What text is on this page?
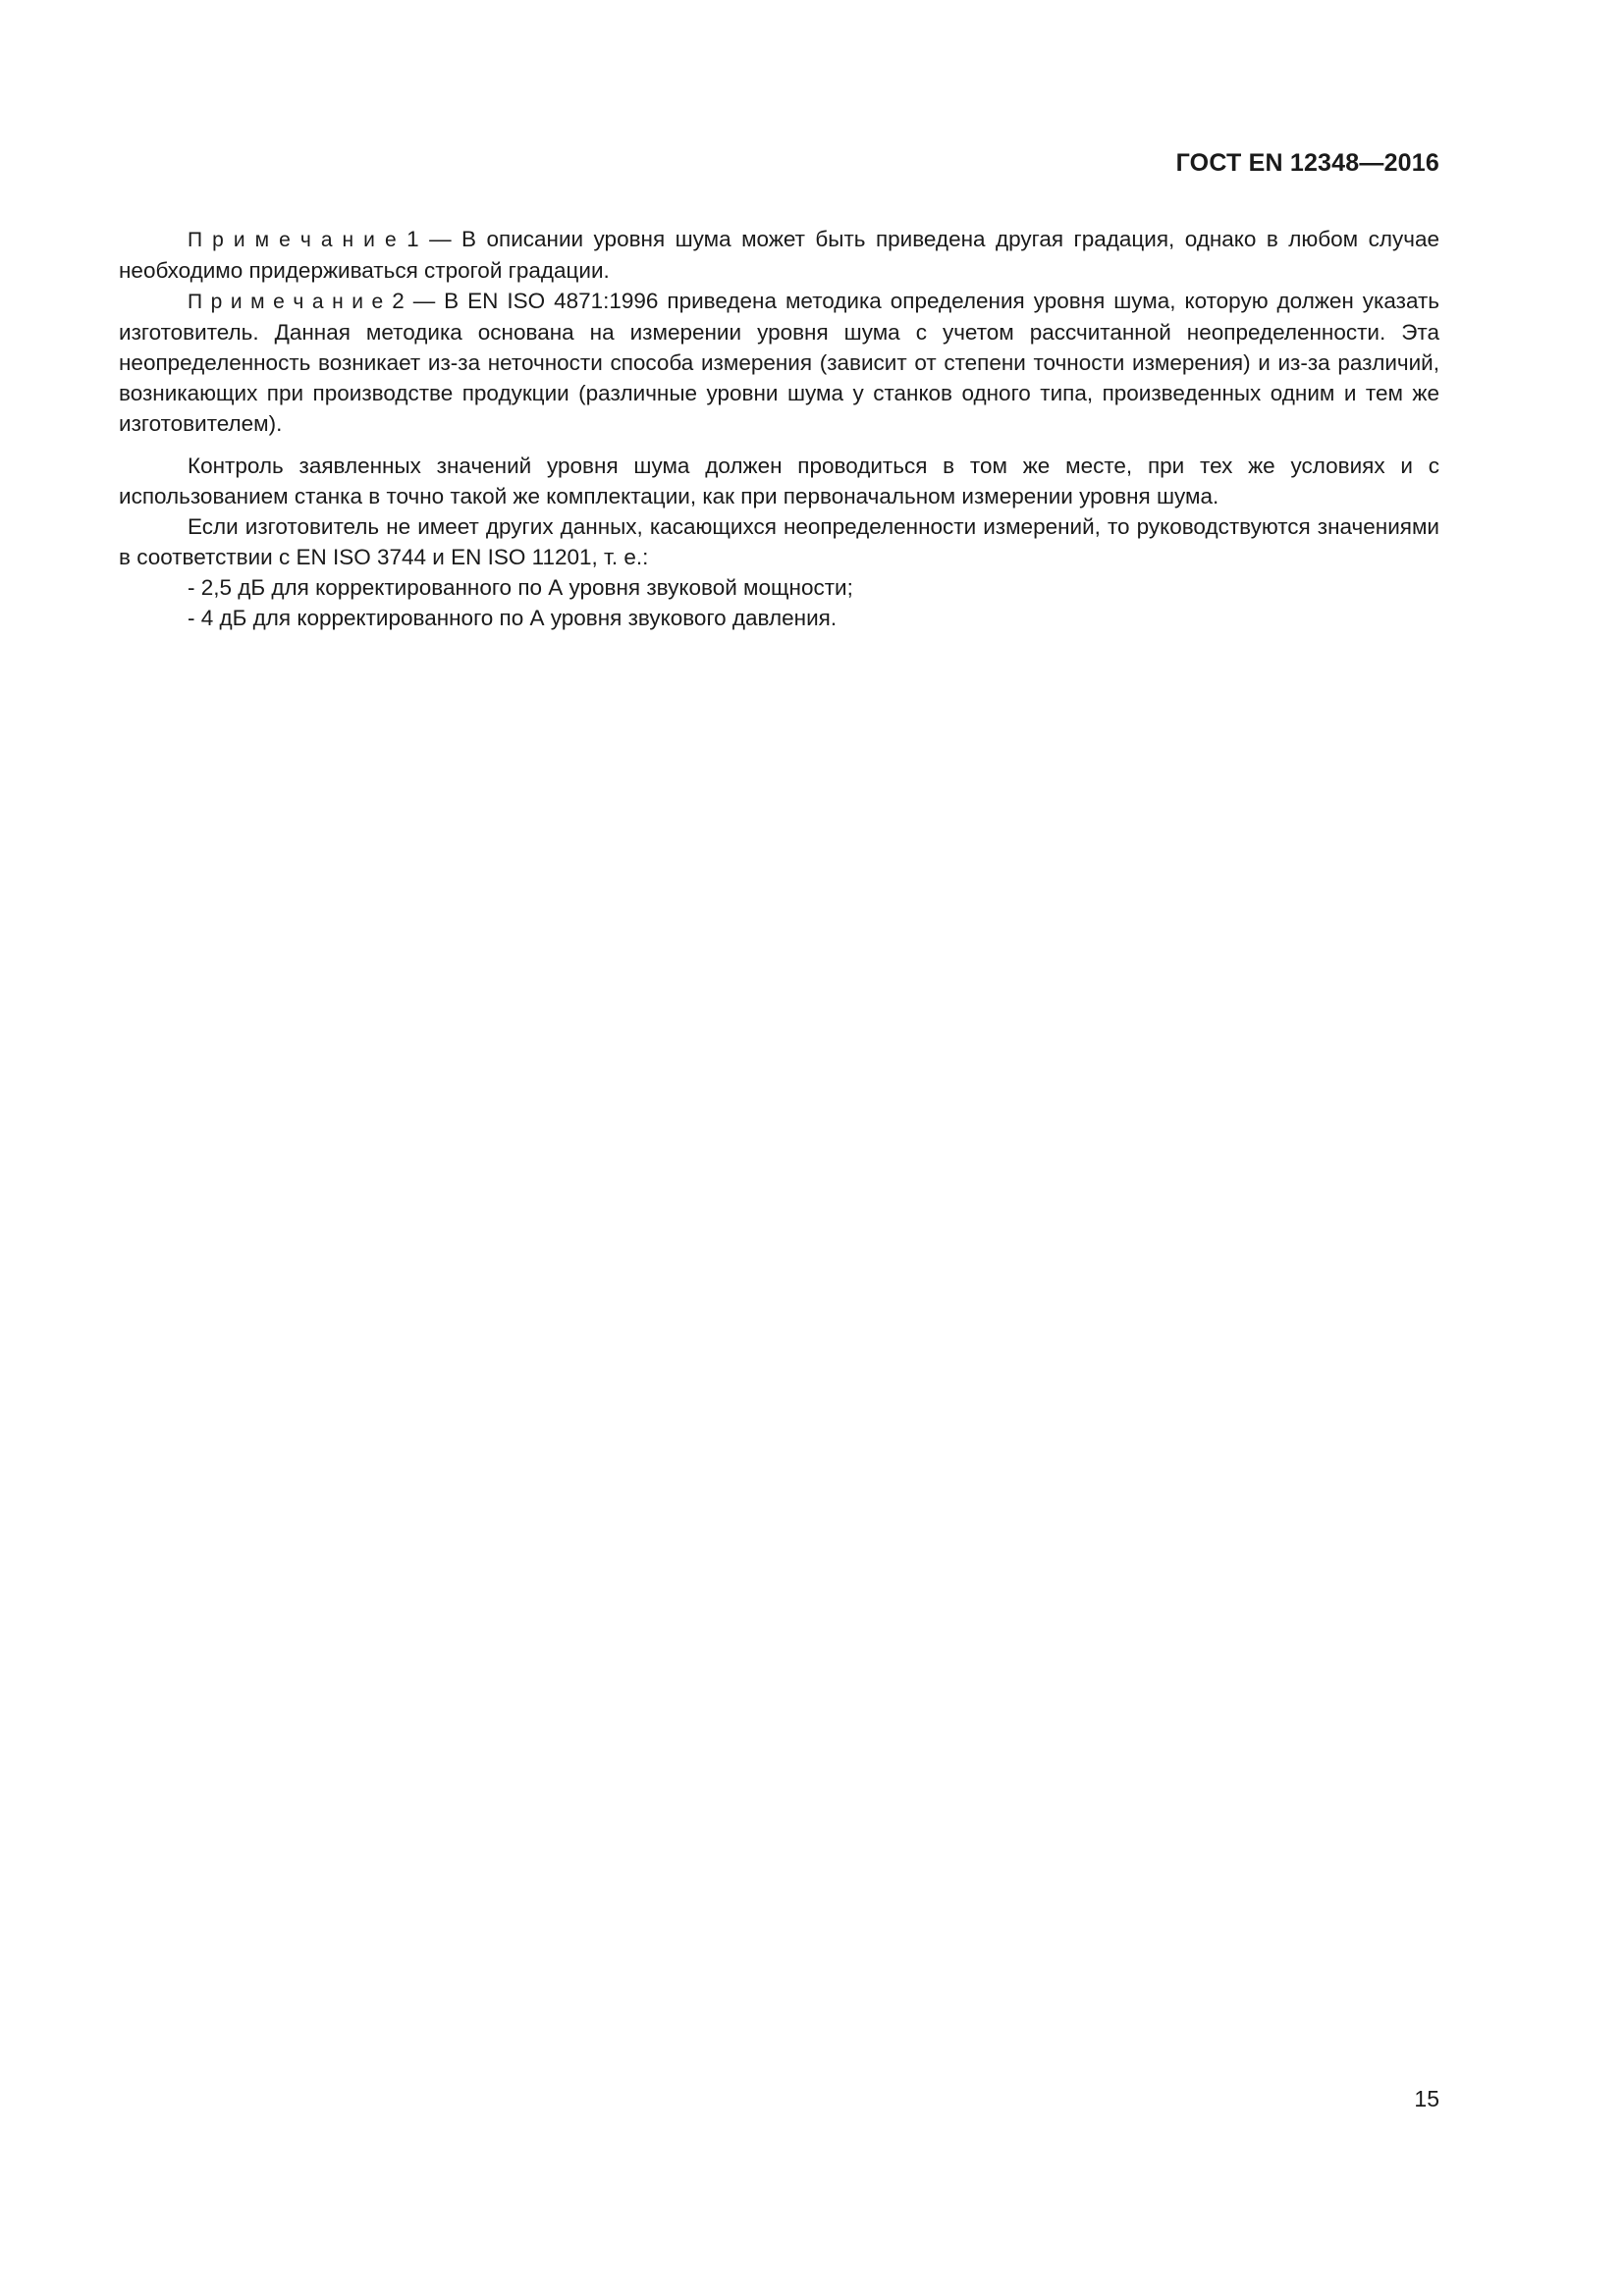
ГОСТ EN 12348—2016

П р и м е ч а н и е 1 — В описании уровня шума может быть приведена другая градация, однако в любом случае необходимо придерживаться строгой градации.

П р и м е ч а н и е 2 — В EN ISO 4871:1996 приведена методика определения уровня шума, которую должен указать изготовитель. Данная методика основана на измерении уровня шума с учетом рассчитанной неопределенности. Эта неопределенность возникает из-за неточности способа измерения (зависит от степени точности измерения) и из-за различий, возникающих при производстве продукции (различные уровни шума у станков одного типа, произведенных одним и тем же изготовителем).

Контроль заявленных значений уровня шума должен проводиться в том же месте, при тех же условиях и с использованием станка в точно такой же комплектации, как при первоначальном измерении уровня шума.

Если изготовитель не имеет других данных, касающихся неопределенности измерений, то руководствуются значениями в соответствии с EN ISO 3744 и EN ISO 11201, т. е.:

- 2,5 дБ для корректированного по А уровня звуковой мощности;

- 4 дБ для корректированного по А уровня звукового давления.

15
